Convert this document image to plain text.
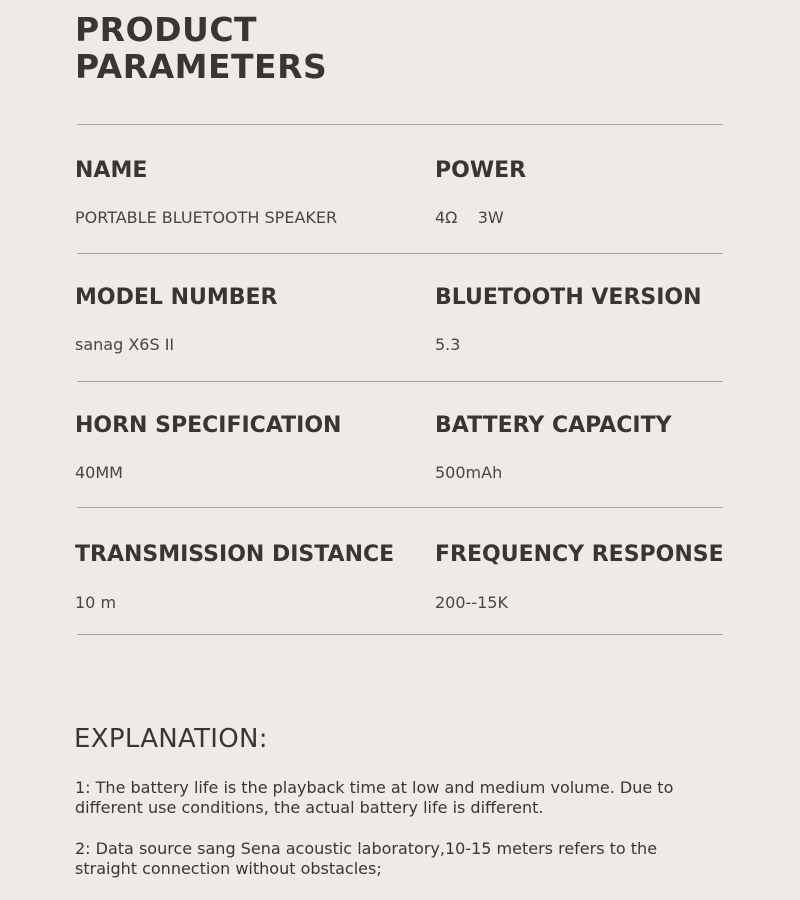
PRODUCT
PARAMETERS
NAME
PORTABLE BLUETOOTH SPEAKER
POWER
4Ω    3W
MODEL NUMBER
sanag X6S II
BLUETOOTH VERSION
5.3
HORN SPECIFICATION
40MM
BATTERY CAPACITY
500mAh
TRANSMISSION DISTANCE
10 m
FREQUENCY RESPONSE
200--15K
EXPLANATION:
1: The battery life is the playback time at low and medium volume. Due to different use conditions, the actual battery life is different.
2: Data source sang Sena acoustic laboratory,10-15 meters refers to the straight connection without obstacles;
